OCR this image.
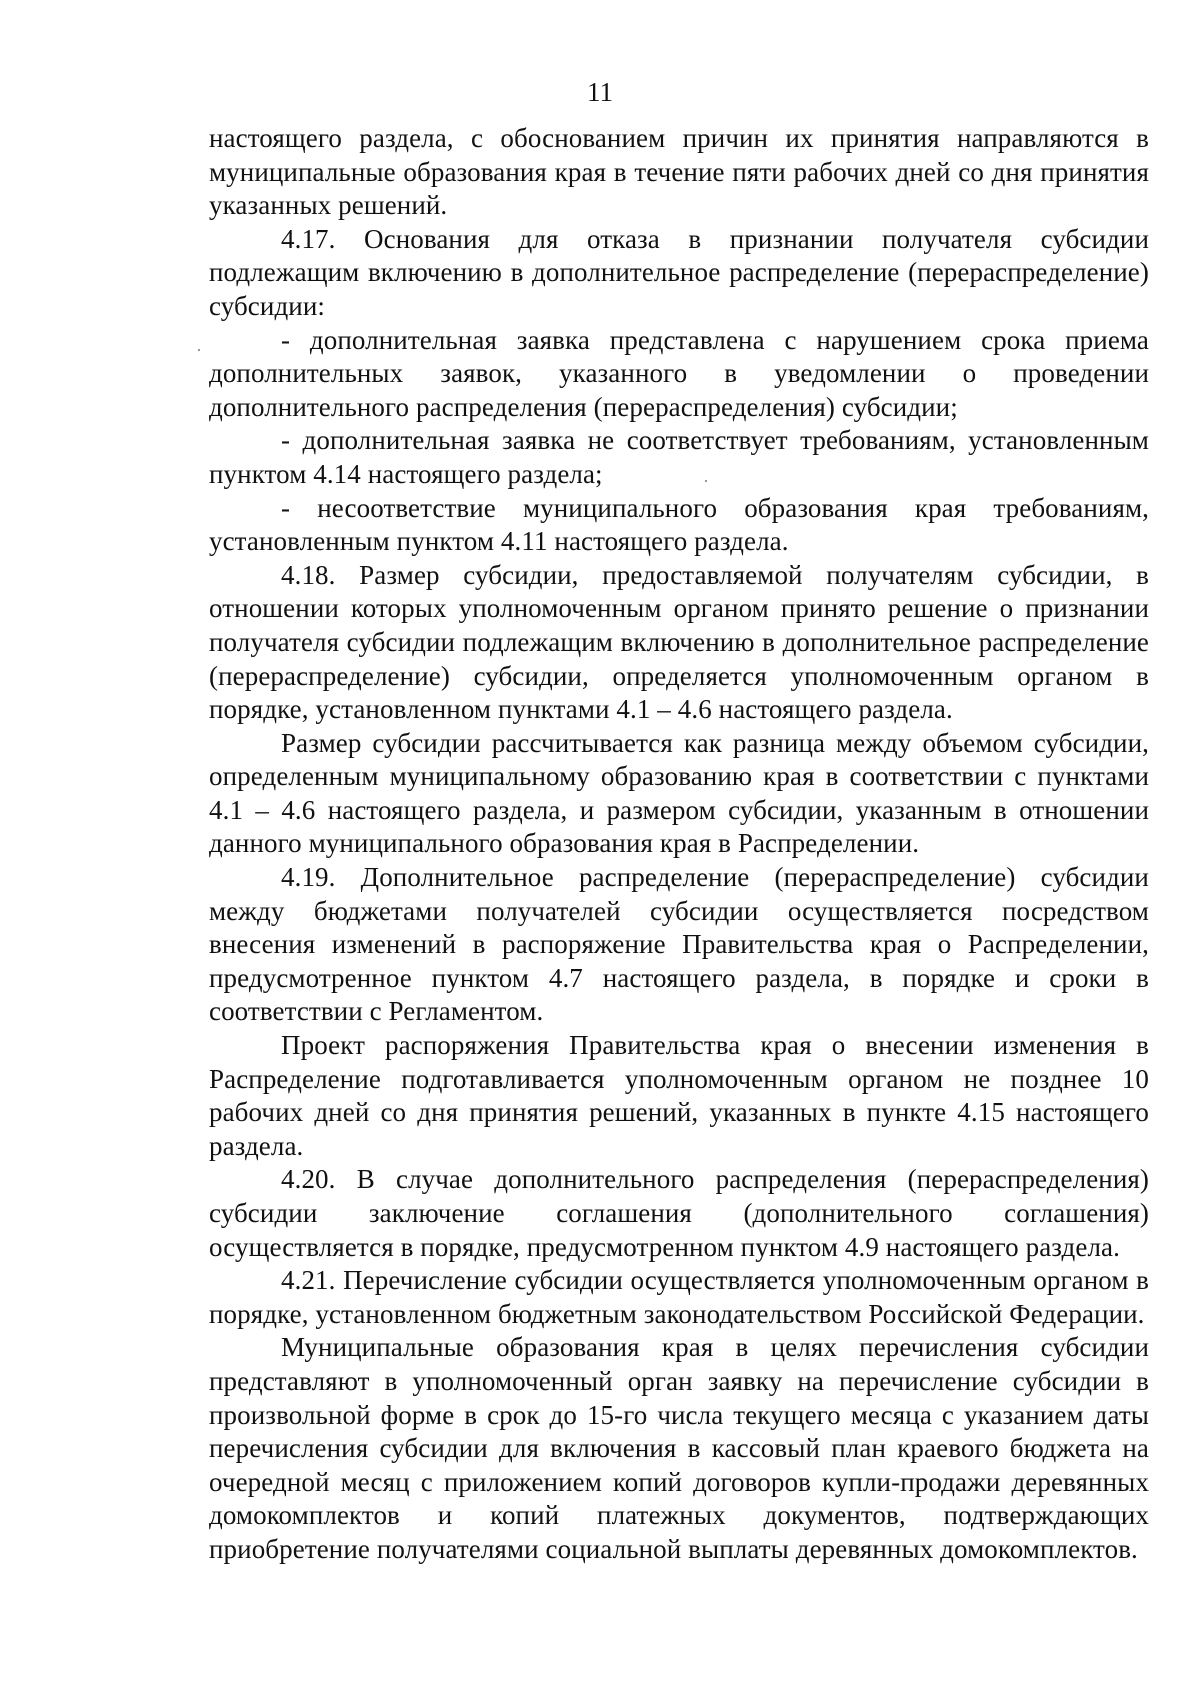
11

настоящего раздела, с обоснованием причин их принятия направляются в муниципальные образования края в течение пяти рабочих дней со дня принятия указанных решений.

4.17. Основания для отказа в признании получателя субсидии подлежащим включению в дополнительное распределение (перераспределение) субсидии:

- дополнительная заявка представлена с нарушением срока приема дополнительных заявок, указанного в уведомлении о проведении дополнительного распределения (перераспределения) субсидии;

- дополнительная заявка не соответствует требованиям, установленным пунктом 4.14 настоящего раздела;

- несоответствие муниципального образования края требованиям, установленным пунктом 4.11 настоящего раздела.

4.18. Размер субсидии, предоставляемой получателям субсидии, в отношении которых уполномоченным органом принято решение о признании получателя субсидии подлежащим включению в дополнительное распределение (перераспределение) субсидии, определяется уполномоченным органом в порядке, установленном пунктами 4.1 – 4.6 настоящего раздела.

Размер субсидии рассчитывается как разница между объемом субсидии, определенным муниципальному образованию края в соответствии с пунктами 4.1 – 4.6 настоящего раздела, и размером субсидии, указанным в отношении данного муниципального образования края в Распределении.

4.19. Дополнительное распределение (перераспределение) субсидии между бюджетами получателей субсидии осуществляется посредством внесения изменений в распоряжение Правительства края о Распределении, предусмотренное пунктом 4.7 настоящего раздела, в порядке и сроки в соответствии с Регламентом.

Проект распоряжения Правительства края о внесении изменения в Распределение подготавливается уполномоченным органом не позднее 10 рабочих дней со дня принятия решений, указанных в пункте 4.15 настоящего раздела.

4.20. В случае дополнительного распределения (перераспределения) субсидии заключение соглашения (дополнительного соглашения) осуществляется в порядке, предусмотренном пунктом 4.9 настоящего раздела.

4.21. Перечисление субсидии осуществляется уполномоченным органом в порядке, установленном бюджетным законодательством Российской Федерации.

Муниципальные образования края в целях перечисления субсидии представляют в уполномоченный орган заявку на перечисление субсидии в произвольной форме в срок до 15-го числа текущего месяца с указанием даты перечисления субсидии для включения в кассовый план краевого бюджета на очередной месяц с приложением копий договоров купли-продажи деревянных домокомплектов и копий платежных документов, подтверждающих приобретение получателями социальной выплаты деревянных домокомплектов.
